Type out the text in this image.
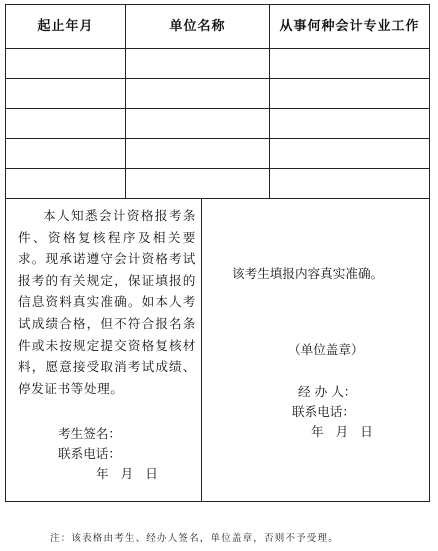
起止年月	单位名称	从事何种会计专业工作
本人知悉会计资格报考条件、资格复核程序及相关要求。现承诺遵守会计资格考试报考的有关规定，保证填报的信息资料真实准确。如本人考试成绩合格，但不符合报名条件或未按规定提交资格复核材料，愿意接受取消考试成绩、停发证书等处理。
考生签名：
联系电话：
年 月 日
该考生填报内容真实准确。
（单位盖章）
经 办 人：
联系电话：
年 月 日
注：该表格由考生、经办人签名，单位盖章，否则不予受理。
